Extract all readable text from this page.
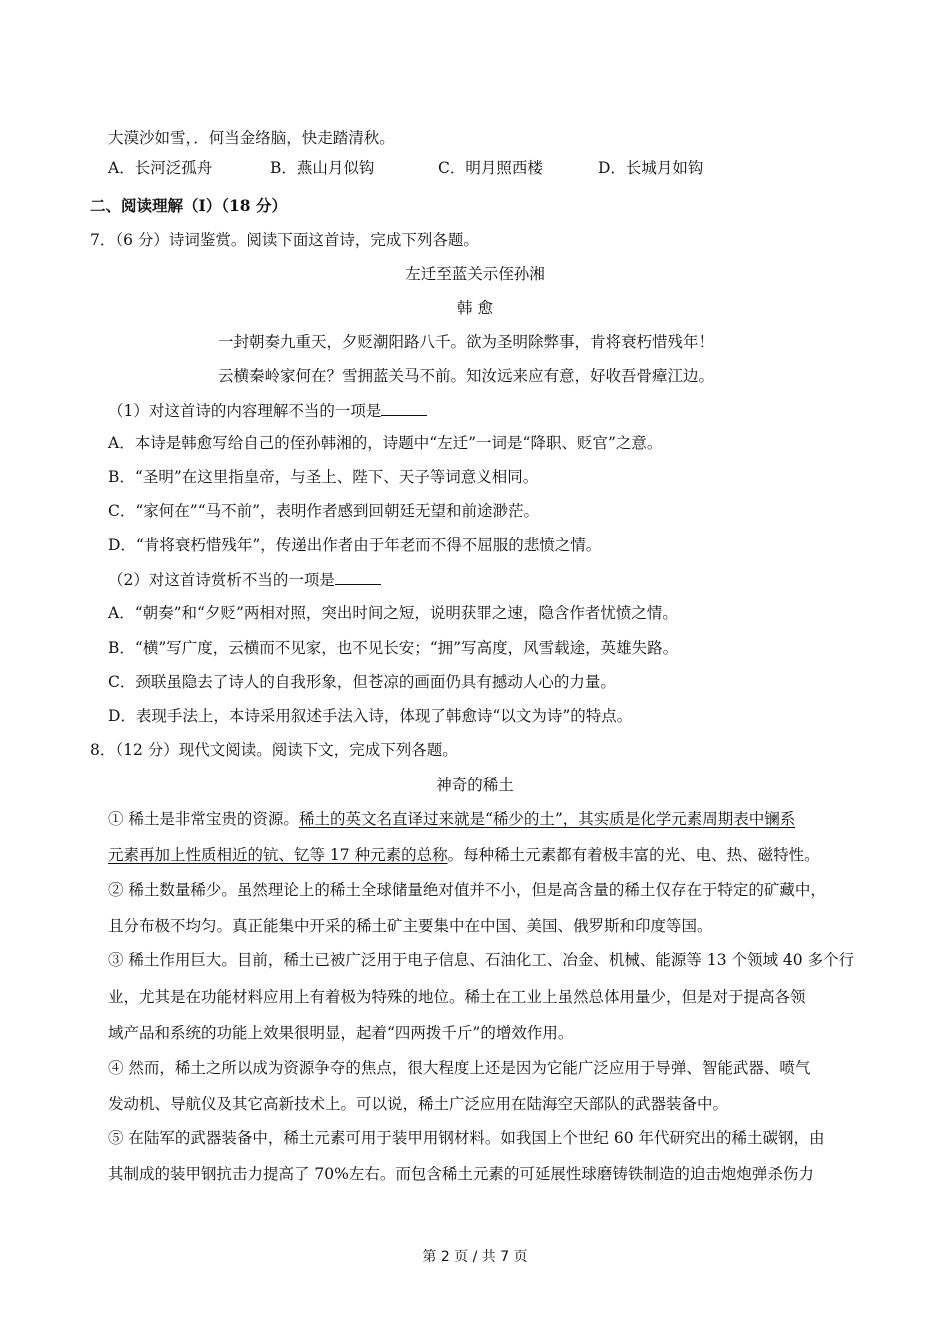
大漠沙如雪，．何当金络脑，快走踏清秋。
A．长河泛孤舟	B．燕山月似钩	C．明月照西楼	D．长城月如钩
二、阅读理解（Ⅰ）（18 分）
7．（6 分）诗词鉴赏。阅读下面这首诗，完成下列各题。
左迁至蓝关示侄孙湘
韩 愈
一封朝奏九重天，夕贬潮阳路八千。欲为圣明除弊事，肯将衰朽惜残年！
云横秦岭家何在？雪拥蓝关马不前。知汝远来应有意，好收吾骨瘴江边。
（1）对这首诗的内容理解不当的一项是
A．本诗是韩愈写给自己的侄孙韩湘的，诗题中“左迁”一词是“降职、贬官”之意。
B．“圣明”在这里指皇帝，与圣上、陛下、天子等词意义相同。
C．“家何在”“马不前”，表明作者感到回朝廷无望和前途渺茫。
D．“肯将衰朽惜残年”，传递出作者由于年老而不得不屈服的悲愤之情。
（2）对这首诗赏析不当的一项是
A．“朝奏”和“夕贬”两相对照，突出时间之短，说明获罪之速，隐含作者忧愤之情。
B．“横”写广度，云横而不见家，也不见长安；“拥”写高度，风雪载途，英雄失路。
C．颈联虽隐去了诗人的自我形象，但苍凉的画面仍具有撼动人心的力量。
D．表现手法上，本诗采用叙述手法入诗，体现了韩愈诗“以文为诗”的特点。
8．（12 分）现代文阅读。阅读下文，完成下列各题。
神奇的稀土
① 稀土是非常宝贵的资源。稀土的英文名直译过来就是“稀少的土”，其实质是化学元素周期表中镧系
元素再加上性质相近的钪、钇等 17 种元素的总称。每种稀土元素都有着极丰富的光、电、热、磁特性。
② 稀土数量稀少。虽然理论上的稀土全球储量绝对值并不小，但是高含量的稀土仅存在于特定的矿藏中，
且分布极不均匀。真正能集中开采的稀土矿主要集中在中国、美国、俄罗斯和印度等国。
③ 稀土作用巨大。目前，稀土已被广泛用于电子信息、石油化工、冶金、机械、能源等 13 个领域 40 多个行
业，尤其是在功能材料应用上有着极为特殊的地位。稀土在工业上虽然总体用量少，但是对于提高各领
域产品和系统的功能上效果很明显，起着“四两拨千斤”的增效作用。
④ 然而，稀土之所以成为资源争夺的焦点，很大程度上还是因为它能广泛应用于导弹、智能武器、喷气
发动机、导航仪及其它高新技术上。可以说，稀土广泛应用在陆海空天部队的武器装备中。
⑤ 在陆军的武器装备中，稀土元素可用于装甲用钢材料。如我国上个世纪 60 年代研究出的稀土碳钢，由
其制成的装甲钢抗击力提高了 70%左右。而包含稀土元素的可延展性球磨铸铁制造的迫击炮炮弹杀伤力
第 2 页 / 共 7 页
